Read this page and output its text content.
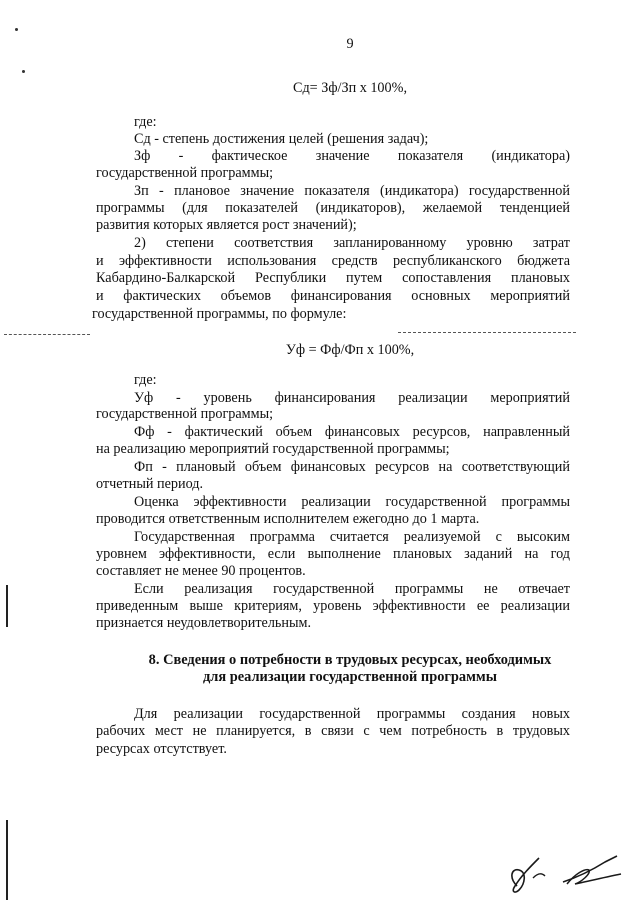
9
Сд= Зф/Зп х 100%,
где:
Сд - степень достижения целей (решения задач);
Зф - фактическое значение показателя (индикатора)
государственной программы;
Зп - плановое значение показателя (индикатора) государственной
программы (для показателей (индикаторов), желаемой тенденцией
развития которых является рост значений);
2) степени соответствия запланированному уровню затрат
и эффективности использования средств республиканского бюджета
Кабардино-Балкарской Республики путем сопоставления плановых
и фактических объемов финансирования основных мероприятий
государственной программы, по формуле:
Уф = Фф/Фп х 100%,
где:
Уф - уровень финансирования реализации мероприятий
государственной программы;
Фф - фактический объем финансовых ресурсов, направленный
на реализацию мероприятий государственной программы;
Фп - плановый объем финансовых ресурсов на соответствующий
отчетный период.
Оценка эффективности реализации государственной программы
проводится ответственным исполнителем ежегодно до 1 марта.
Государственная программа считается реализуемой с высоким
уровнем эффективности, если выполнение плановых заданий на год
составляет не менее 90 процентов.
Если реализация государственной программы не отвечает
приведенным выше критериям, уровень эффективности ее реализации
признается неудовлетворительным.
8. Сведения о потребности в трудовых ресурсах, необходимых
для реализации государственной программы
Для реализации государственной программы создания новых
рабочих мест не планируется, в связи с чем потребность в трудовых
ресурсах отсутствует.
